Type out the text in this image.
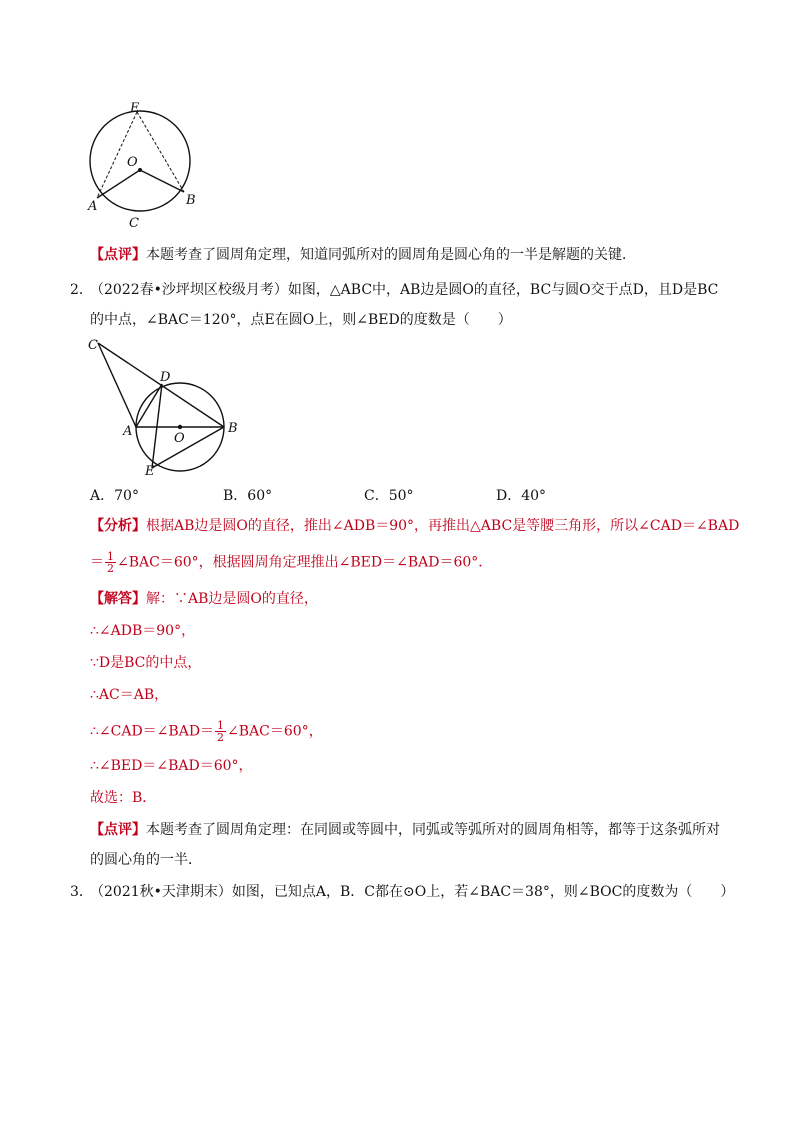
E
O
A	B
C
【点评】本题考查了圆周角定理，知道同弧所对的圆周角是圆心角的一半是解题的关键．
2．
（2022春•沙坪坝区校级月考）如图，△ABC中，AB边是圆O的直径，BC与圆O交于点D，且D是BC
的中点，∠BAC＝120°，点E在圆O上，则∠BED的度数是（　　）
C
D
A	O
B
E
A．70°	B．60°	C．50°	D．40°
【分析】根据AB边是圆O的直径，推出∠ADB＝90°，再推出△ABC是等腰三角形，所以∠CAD＝∠BAD
＝ $\frac{1}{2}$ ∠BAC＝60°，根据圆周角定理推出∠BED＝∠BAD＝60°．
【解答】解：∵AB边是圆O的直径，
∴∠ADB＝90°，
∵D是BC的中点，
∴AC＝AB，
∴∠CAD＝∠BAD＝ $\frac{1}{2}$ ∠BAC＝60°，
∴∠BED＝∠BAD＝60°，
故选：B．
【点评】本题考查了圆周角定理：在同圆或等圆中，同弧或等弧所对的圆周角相等，都等于这条弧所对
的圆心角的一半．
3．
（2021秋•天津期末）如图，已知点A，B．C都在⊙O上，若∠BAC＝38°，则∠BOC的度数为（　　）
